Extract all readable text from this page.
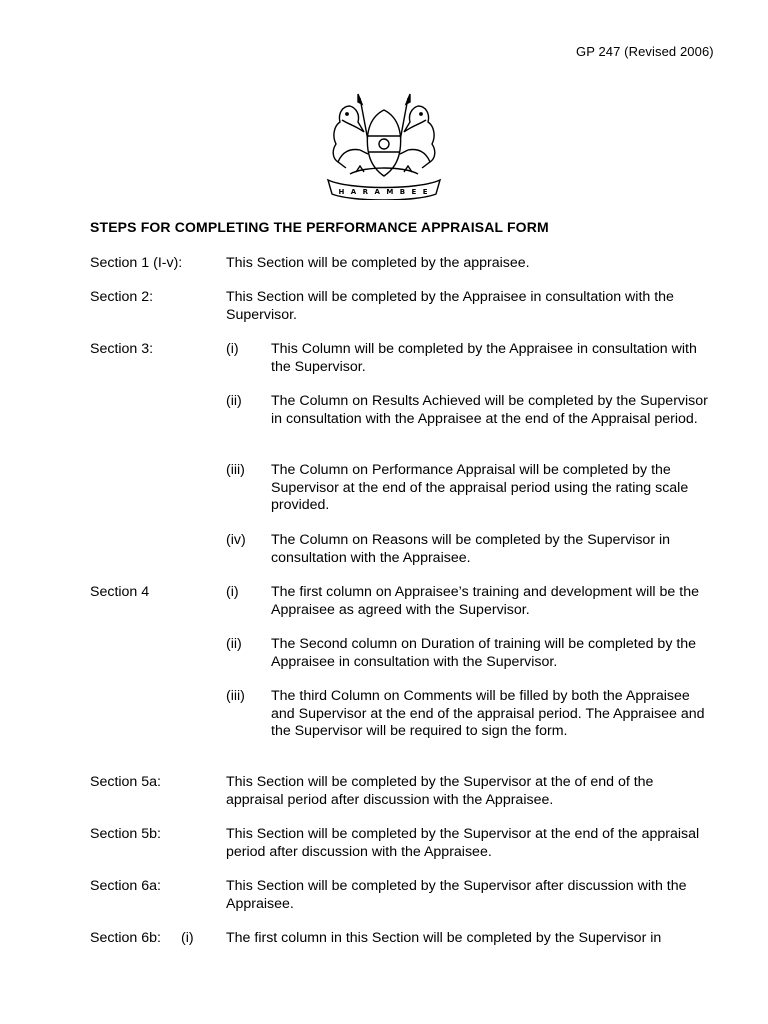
GP 247 (Revised 2006)
H A R A M B E E
STEPS FOR COMPLETING THE PERFORMANCE APPRAISAL FORM
Section 1 (I-v):	This Section will be completed by the appraisee.
Section 2:	This Section will be completed by the Appraisee in consultation with the Supervisor.
Section 3:	(i) This Column will be completed by the Appraisee in consultation with the Supervisor.
(ii) The Column on Results Achieved will be completed by the Supervisor in consultation with the Appraisee at the end of the Appraisal period.
(iii) The Column on Performance Appraisal will be completed by the Supervisor at the end of the appraisal period using the rating scale provided.
(iv) The Column on Reasons will be completed by the Supervisor in consultation with the Appraisee.
Section 4	(i) The first column on Appraisee’s training and development will be the Appraisee as agreed with the Supervisor.
(ii) The Second column on Duration of training will be completed by the Appraisee in consultation with the Supervisor.
(iii) The third Column on Comments will be filled by both the Appraisee and Supervisor at the end of the appraisal period. The Appraisee and the Supervisor will be required to sign the form.
Section 5a:	This Section will be completed by the Supervisor at the of end of the appraisal period after discussion with the Appraisee.
Section 5b:	This Section will be completed by the Supervisor at the end of the appraisal period after discussion with the Appraisee.
Section 6a:	This Section will be completed by the Supervisor after discussion with the Appraisee.
Section 6b: (i) The first column in this Section will be completed by the Supervisor in
